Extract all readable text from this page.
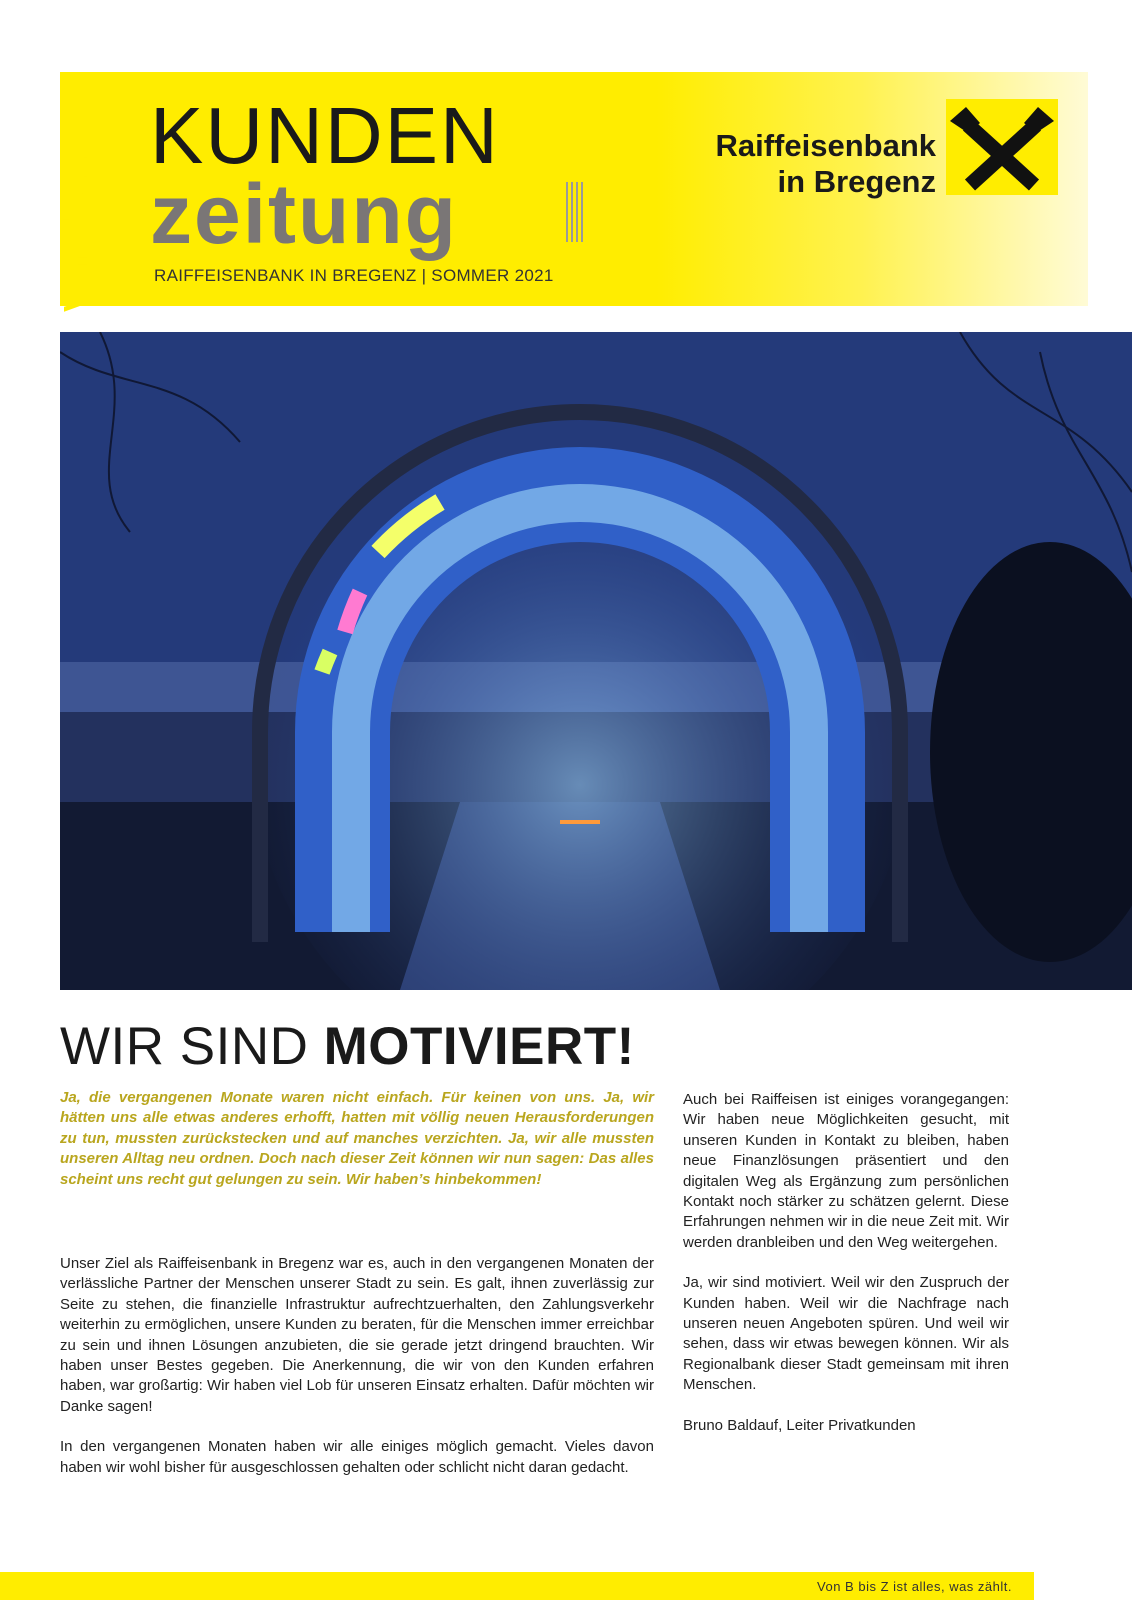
VonBbisZ
KUNDEN
zeitung
RAIFFEISENBANK IN BREGENZ | SOMMER 2021
Raiffeisenbank
in Bregenz
WIR SIND MOTIVIERT!
Ja, die vergangenen Monate waren nicht einfach. Für keinen von uns. Ja, wir hätten uns alle etwas anderes erhofft, hatten mit völlig neuen Herausforderungen zu tun, mussten zurückstecken und auf manches verzichten. Ja, wir alle mussten unseren Alltag neu ordnen. Doch nach dieser Zeit können wir nun sagen: Das alles scheint uns recht gut gelungen zu sein. Wir haben’s hinbekommen!

Unser Ziel als Raiffeisenbank in Bregenz war es, auch in den vergangenen Monaten der verlässliche Partner der Menschen unserer Stadt zu sein. Es galt, ihnen zuverlässig zur Seite zu stehen, die finanzielle Infrastruktur aufrechtzuerhalten, den Zahlungsverkehr weiterhin zu ermöglichen, unsere Kunden zu beraten, für die Menschen immer erreichbar zu sein und ihnen Lösungen anzubieten, die sie gerade jetzt dringend brauchten. Wir haben unser Bestes gegeben. Die Anerkennung, die wir von den Kunden erfahren haben, war großartig: Wir haben viel Lob für unseren Einsatz erhalten. Dafür möchten wir Danke sagen!

In den vergangenen Monaten haben wir alle einiges möglich gemacht. Vieles davon haben wir wohl bisher für ausgeschlossen gehalten oder schlicht nicht daran gedacht.

Auch bei Raiffeisen ist einiges vorangegangen: Wir haben neue Möglichkeiten gesucht, mit unseren Kunden in Kontakt zu bleiben, haben neue Finanzlösungen präsentiert und den digitalen Weg als Ergänzung zum persönlichen Kontakt noch stärker zu schätzen gelernt. Diese Erfahrungen nehmen wir in die neue Zeit mit. Wir werden dranbleiben und den Weg weitergehen.

Ja, wir sind motiviert. Weil wir den Zuspruch der Kunden haben. Weil wir die Nachfrage nach unseren neuen Angeboten spüren. Und weil wir sehen, dass wir etwas bewegen können. Wir als Regionalbank dieser Stadt gemeinsam mit ihren Menschen.

Bruno Baldauf, Leiter Privatkunden

Von B bis Z ist alles, was zählt.
